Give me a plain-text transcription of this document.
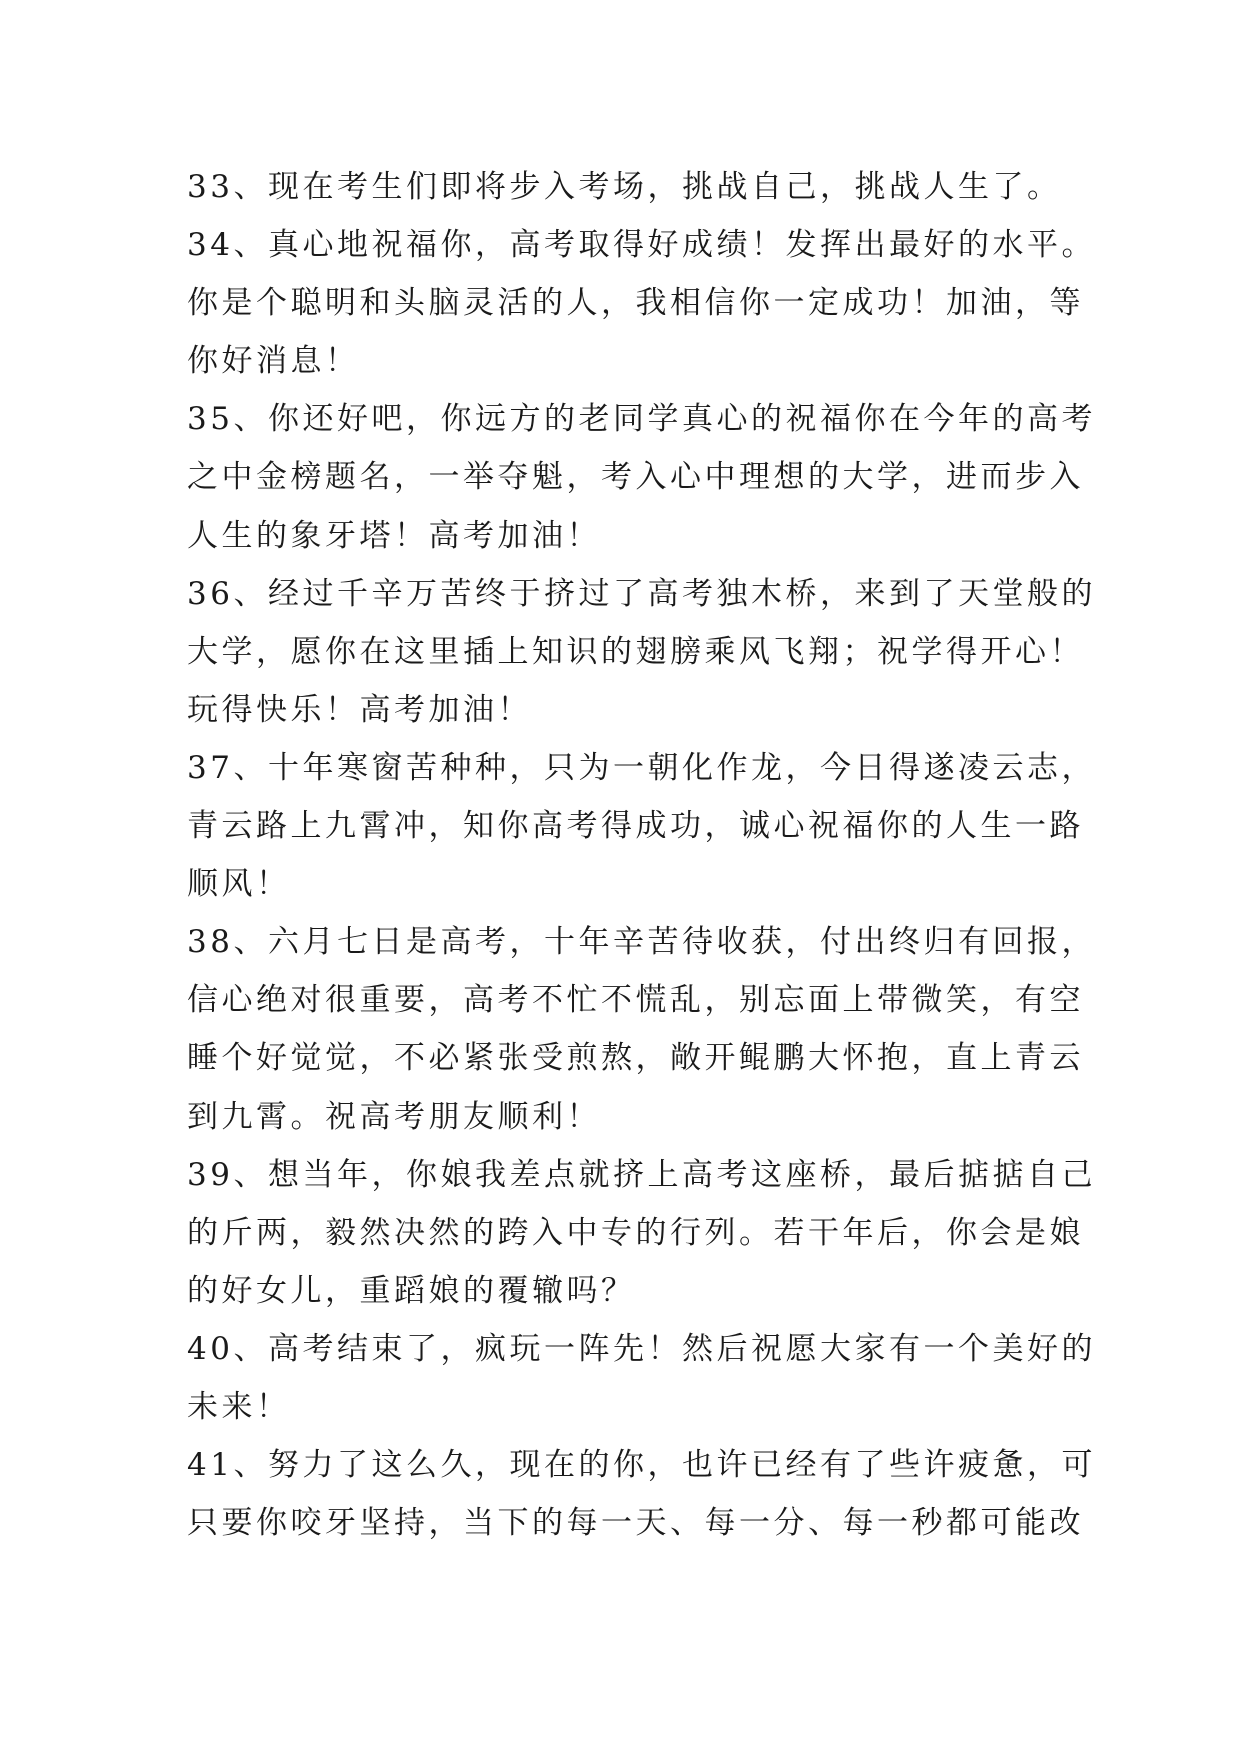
33、现在考生们即将步入考场，挑战自己，挑战人生了。
34、真心地祝福你，高考取得好成绩！发挥出最好的水平。
你是个聪明和头脑灵活的人，我相信你一定成功！加油，等
你好消息！
35、你还好吧，你远方的老同学真心的祝福你在今年的高考
之中金榜题名，一举夺魁，考入心中理想的大学，进而步入
人生的象牙塔！高考加油！
36、经过千辛万苦终于挤过了高考独木桥，来到了天堂般的
大学，愿你在这里插上知识的翅膀乘风飞翔；祝学得开心！
玩得快乐！高考加油！
37、十年寒窗苦种种，只为一朝化作龙，今日得遂凌云志，
青云路上九霄冲，知你高考得成功，诚心祝福你的人生一路
顺风！
38、六月七日是高考，十年辛苦待收获，付出终归有回报，
信心绝对很重要，高考不忙不慌乱，别忘面上带微笑，有空
睡个好觉觉，不必紧张受煎熬，敞开鲲鹏大怀抱，直上青云
到九霄。祝高考朋友顺利！
39、想当年，你娘我差点就挤上高考这座桥，最后掂掂自己
的斤两，毅然决然的跨入中专的行列。若干年后，你会是娘
的好女儿，重蹈娘的覆辙吗？
40、高考结束了，疯玩一阵先！然后祝愿大家有一个美好的
未来！
41、努力了这么久，现在的你，也许已经有了些许疲惫，可
只要你咬牙坚持，当下的每一天、每一分、每一秒都可能改
